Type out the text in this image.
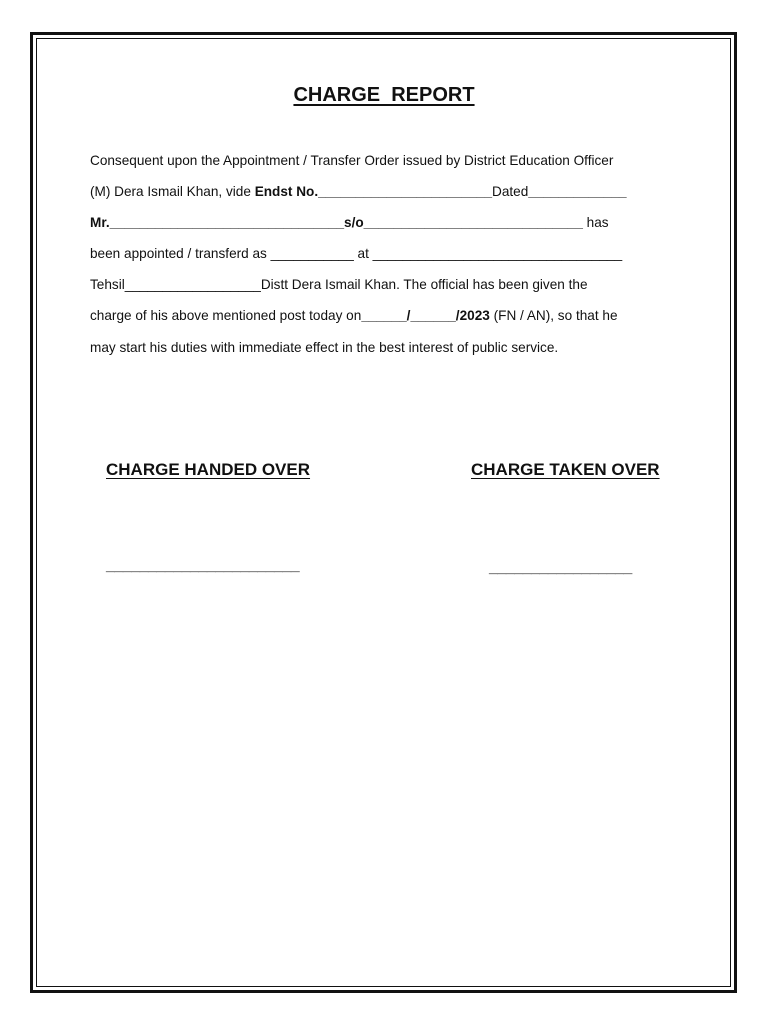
CHARGE  REPORT
Consequent upon the Appointment / Transfer Order issued by District Education Officer
(M) Dera Ismail Khan, vide Endst No._______________________Dated_____________
Mr._______________________________s/o_____________________________ has
been appointed / transferd as ___________ at _________________________________
Tehsil__________________Distt Dera Ismail Khan. The official has been given the
charge of his above mentioned post today on______/______/2023 (FN / AN), so that he
may start his duties with immediate effect in the best interest of public service.
CHARGE HANDED OVER	CHARGE TAKEN OVER
_______________________	_________________
